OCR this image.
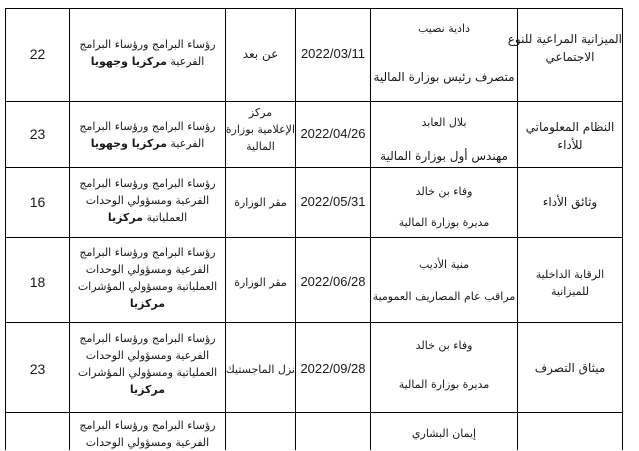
الميزانية المراعية للنوع
الاجتماعي
دادية نصيب
متصرف رئيس بوزارة المالية
2022/03/11
عن بعد
رؤساء البرامج ورؤساء البرامج
الفرعية مركزيا وجهويا
22
النظام المعلوماتي
للأداء
بلال العابد
مهندس أول بوزارة المالية
2022/04/26
مركز
الإعلامية بوزارة
المالية
رؤساء البرامج ورؤساء البرامج
الفرعية مركزيا وجهويا
23
وثائق الأداء
وفاء بن خالد
مديرة بوزارة المالية
2022/05/31
مقر الوزارة
رؤساء البرامج ورؤساء البرامج
الفرعية ومسؤولي الوحدات
العملياتية مركزيا
16
الرقابة الداخلية
للميزانية
منية الأديب
مراقب عام المصاريف العمومية
2022/06/28
مقر الوزارة
رؤساء البرامج ورؤساء البرامج
الفرعية ومسؤولي الوحدات
العملياتية ومسؤولي المؤشرات
مركزيا
18
ميثاق التصرف
وفاء بن خالد
مديرة بوزارة المالية
2022/09/28
نزل الماجستيك
رؤساء البرامج ورؤساء البرامج
الفرعية ومسؤولي الوحدات
العملياتية ومسؤولي المؤشرات
مركزيا
23
إيمان البشاري
رؤساء البرامج ورؤساء البرامج
الفرعية ومسؤولي الوحدات
